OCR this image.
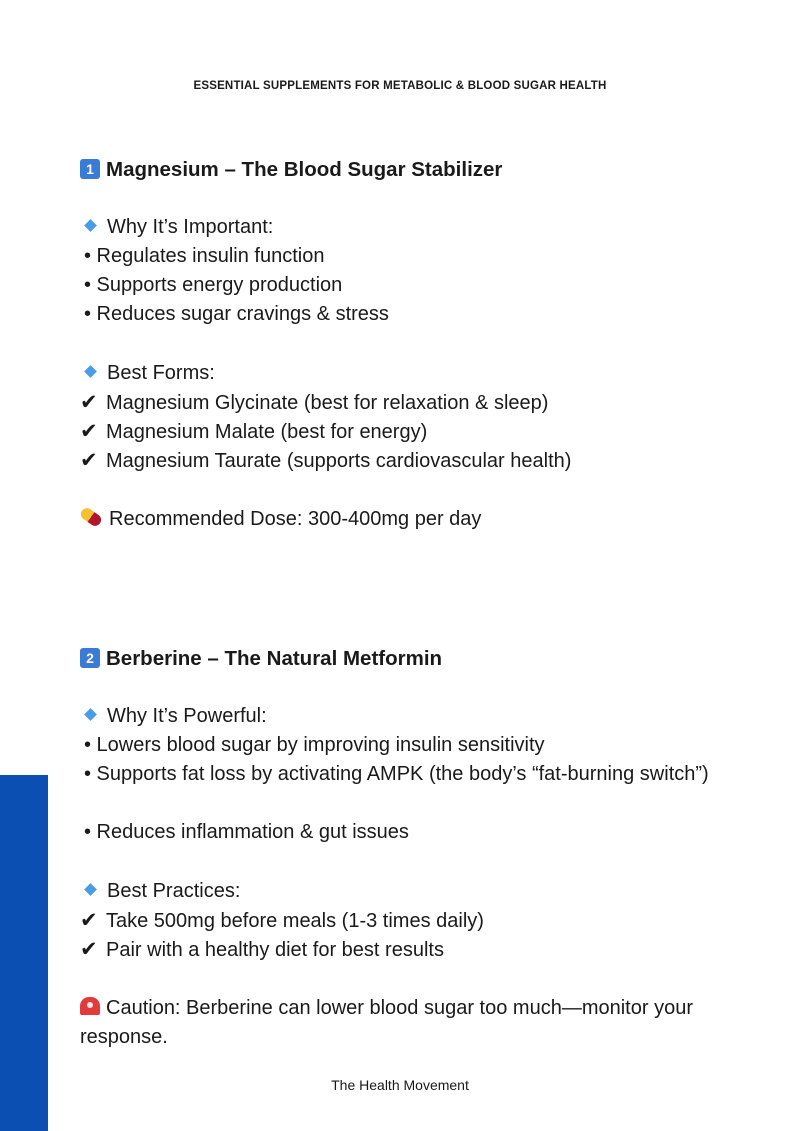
ESSENTIAL SUPPLEMENTS FOR METABOLIC & BLOOD SUGAR HEALTH
1 Magnesium – The Blood Sugar Stabilizer
Why It’s Important:
• Regulates insulin function
• Supports energy production
• Reduces sugar cravings & stress
Best Forms:
✔ Magnesium Glycinate (best for relaxation & sleep)
✔ Magnesium Malate (best for energy)
✔ Magnesium Taurate (supports cardiovascular health)
Recommended Dose: 300-400mg per day
2 Berberine – The Natural Metformin
Why It’s Powerful:
• Lowers blood sugar by improving insulin sensitivity
• Supports fat loss by activating AMPK (the body’s “fat-burning switch”)
• Reduces inflammation & gut issues
Best Practices:
✔ Take 500mg before meals (1-3 times daily)
✔ Pair with a healthy diet for best results
Caution: Berberine can lower blood sugar too much—monitor your response.
The Health Movement
